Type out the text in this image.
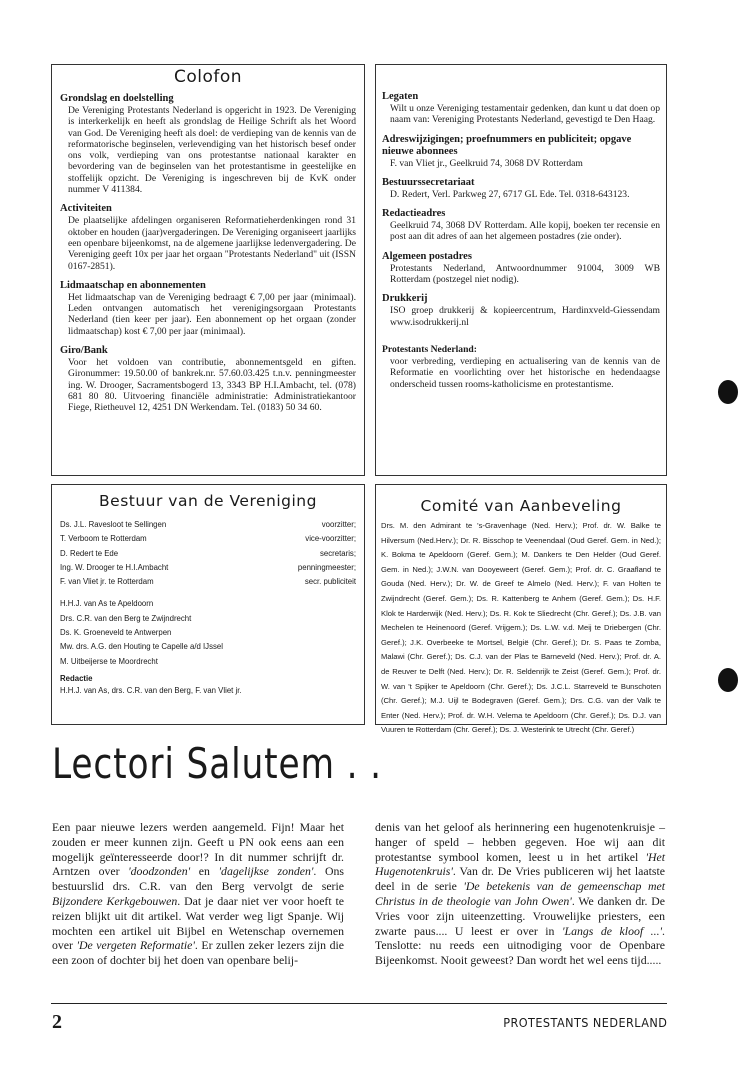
Colofon
Grondslag en doelstelling

De Vereniging Protestants Nederland is opgericht in 1923. De Vereniging is interkerkelijk en heeft als grondslag de Heilige Schrift als het Woord van God. De Vereniging heeft als doel: de verdieping van de kennis van de reformatorische beginselen, verlevendiging van het historisch besef onder ons volk, verdieping van ons protestantse nationaal karakter en bevordering van de beginselen van het protestantisme in geestelijke en stoffelijk opzicht. De Vereniging is ingeschreven bij de KvK onder nummer V 411384.

Activiteiten

De plaatselijke afdelingen organiseren Reformatieherdenkingen rond 31 oktober en houden (jaar)vergaderingen. De Vereniging organiseert jaarlijks een openbare bijeenkomst, na de algemene jaarlijkse ledenvergadering. De Vereniging geeft 10x per jaar het orgaan "Protestants Nederland" uit (ISSN 0167-2851).

Lidmaatschap en abonnementen

Het lidmaatschap van de Vereniging bedraagt € 7,00 per jaar (minimaal). Leden ontvangen automatisch het verenigingsorgaan Protestants Nederland (tien keer per jaar). Een abonnement op het orgaan (zonder lidmaatschap) kost € 7,00 per jaar (minimaal).

Giro/Bank

Voor het voldoen van contributie, abonnementsgeld en giften. Gironummer: 19.50.00 of bankrek.nr. 57.60.03.425 t.n.v. penningmeester ing. W. Drooger, Sacramentsbogerd 13, 3343 BP H.I.Ambacht, tel. (078) 681 80 80. Uitvoering financiële administratie: Administratiekantoor Fiege, Rietheuvel 12, 4251 DN Werkendam. Tel. (0183) 50 34 60.

Legaten

Wilt u onze Vereniging testamentair gedenken, dan kunt u dat doen op naam van: Vereniging Protestants Nederland, gevestigd te Den Haag.

Adreswijzigingen; proefnummers en publiciteit; opgave nieuwe abonnees

F. van Vliet jr., Geelkruid 74, 3068 DV Rotterdam

Bestuurssecretariaat

D. Redert, Verl. Parkweg 27, 6717 GL Ede. Tel. 0318-643123.

Redactieadres

Geelkruid 74, 3068 DV Rotterdam. Alle kopij, boeken ter recensie en post aan dit adres of aan het algemeen postadres (zie onder).

Algemeen postadres

Protestants Nederland, Antwoordnummer 91004, 3009 WB Rotterdam (postzegel niet nodig).

Drukkerij

ISO groep drukkerij & kopieercentrum, Hardinxveld-Giessendam www.isodrukkerij.nl

Protestants Nederland:

voor verbreding, verdieping en actualisering van de kennis van de Reformatie en voorlichting over het historische en hedendaagse onderscheid tussen rooms-katholicisme en protestantisme.

Bestuur van de Vereniging
Ds. J.L. Ravesloot te Sellingen	voorzitter;
T. Verboom te Rotterdam	vice-voorzitter;
D. Redert te Ede	secretaris;
Ing. W. Drooger te H.I.Ambacht	penningmeester;
F. van Vliet jr. te Rotterdam	secr. publiciteit
H.H.J. van As te Apeldoorn
Drs. C.R. van den Berg te Zwijndrecht
Ds. K. Groeneveld te Antwerpen
Mw. drs. A.G. den Houting te Capelle a/d IJssel
M. Uitbeijerse te Moordrecht
Redactie
H.H.J. van As, drs. C.R. van den Berg, F. van Vliet jr.
Comité van Aanbeveling
Drs. M. den Admirant te 's-Gravenhage (Ned. Herv.); Prof. dr. W. Balke te Hilversum (Ned.Herv.); Dr. R. Bisschop te Veenendaal (Oud Geref. Gem. in Ned.); K. Bokma te Apeldoorn (Geref. Gem.); M. Dankers te Den Helder (Oud Geref. Gem. in Ned.); J.W.N. van Dooyeweert (Geref. Gem.); Prof. dr. C. Graafland te Gouda (Ned. Herv.); Dr. W. de Greef te Almelo (Ned. Herv.); F. van Holten te Zwijndrecht (Geref. Gem.); Ds. R. Kattenberg te Anhem (Geref. Gem.); Ds. H.F. Klok te Harderwijk (Ned. Herv.); Ds. R. Kok te Sliedrecht (Chr. Geref.); Ds. J.B. van Mechelen te Heinenoord (Geref. Vrijgem.); Ds. L.W. v.d. Meij te Driebergen (Chr. Geref.); J.K. Overbeeke te Mortsel, België (Chr. Geref.); Dr. S. Paas te Zomba, Malawi (Chr. Geref.); Ds. C.J. van der Plas te Barneveld (Ned. Herv.); Prof. dr. A. de Reuver te Delft (Ned. Herv.); Dr. R. Seldenrijk te Zeist (Geref. Gem.); Prof. dr. W. van 't Spijker te Apeldoorn (Chr. Geref.); Ds. J.C.L. Starreveld te Bunschoten (Chr. Geref.); M.J. Uijl te Bodegraven (Geref. Gem.); Drs. C.G. van der Valk te Enter (Ned. Herv.); Prof. dr. W.H. Velema te Apeldoorn (Chr. Geref.); Ds. D.J. van Vuuren te Rotterdam (Chr. Geref.); Ds. J. Westerink te Utrecht (Chr. Geref.)
Lectori Salutem . .

Een paar nieuwe lezers werden aangemeld. Fijn! Maar het zouden er meer kunnen zijn. Geeft u PN ook eens aan een mogelijk geïnteresseerde door!? In dit nummer schrijft dr. Arntzen over 'doodzonden' en 'dagelijkse zonden'. Ons bestuurslid drs. C.R. van den Berg vervolgt de serie Bijzondere Kerkgebouwen. Dat je daar niet ver voor hoeft te reizen blijkt uit dit artikel. Wat verder weg ligt Spanje. Wij mochten een artikel uit Bijbel en Wetenschap overnemen over 'De vergeten Reformatie'. Er zullen zeker lezers zijn die een zoon of dochter bij het doen van openbare belij-

denis van het geloof als herinnering een hugenotenkruisje – hanger of speld – hebben gegeven. Hoe wij aan dit protestantse symbool komen, leest u in het artikel 'Het Hugenotenkruis'. Van dr. De Vries publiceren wij het laatste deel in de serie 'De betekenis van de gemeenschap met Christus in de theologie van John Owen'. We danken dr. De Vries voor zijn uiteenzetting. Vrouwelijke priesters, een zwarte paus.... U leest er over in 'Langs de kloof ...'. Tenslotte: nu reeds een uitnodiging voor de Openbare Bijeenkomst. Nooit geweest? Dan wordt het wel eens tijd.....

2	PROTESTANTS NEDERLAND
